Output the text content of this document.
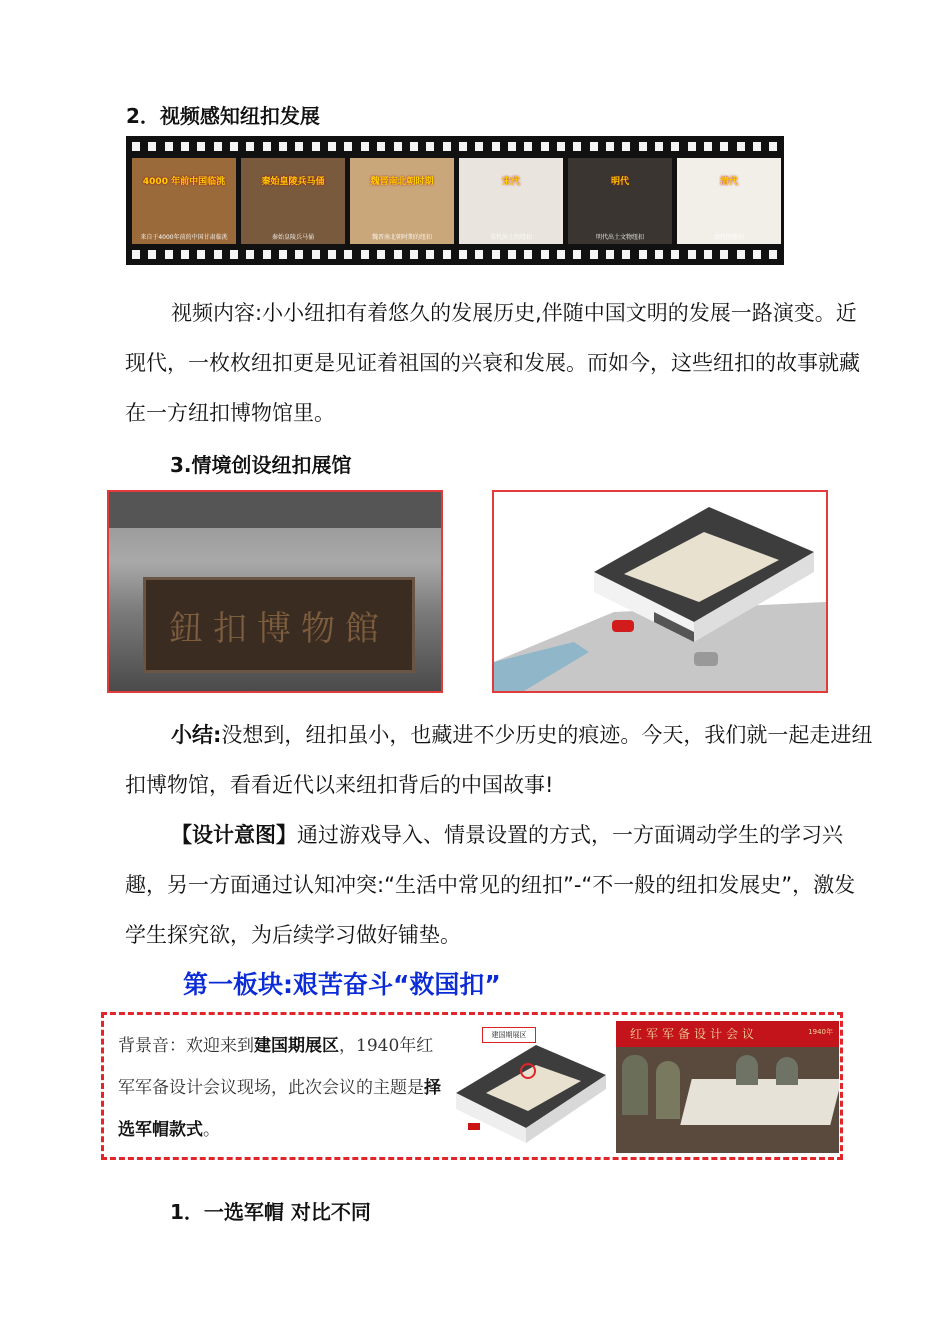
2．视频感知纽扣发展
4000 年前中国临洮
来自于4000年前的中国甘肃临洮
秦始皇陵兵马俑
秦始皇陵兵马俑
魏晋南北朝时期
魏晋南北朝时期的纽扣
宋代
宋代出土的纽扣
明代
明代出土文物纽扣
清代
清代的纽扣
视频内容:小小纽扣有着悠久的发展历史,伴随中国文明的发展一路演变。近现代，一枚枚纽扣更是见证着祖国的兴衰和发展。而如今，这些纽扣的故事就藏在一方纽扣博物馆里。
3.情境创设纽扣展馆
鈕扣博物館
小结:没想到，纽扣虽小，也藏进不少历史的痕迹。今天，我们就一起走进纽扣博物馆，看看近代以来纽扣背后的中国故事!
【设计意图】通过游戏导入、情景设置的方式，一方面调动学生的学习兴趣，另一方面通过认知冲突:“生活中常见的纽扣”-“不一般的纽扣发展史”，激发学生探究欲，为后续学习做好铺垫。
第一板块:艰苦奋斗“救国扣”
背景音：欢迎来到建国期展区，1940年红军军备设计会议现场，此次会议的主题是择选军帽款式。
建国期展区	红军军备设计会议	1940年
1．一选军帽 对比不同
